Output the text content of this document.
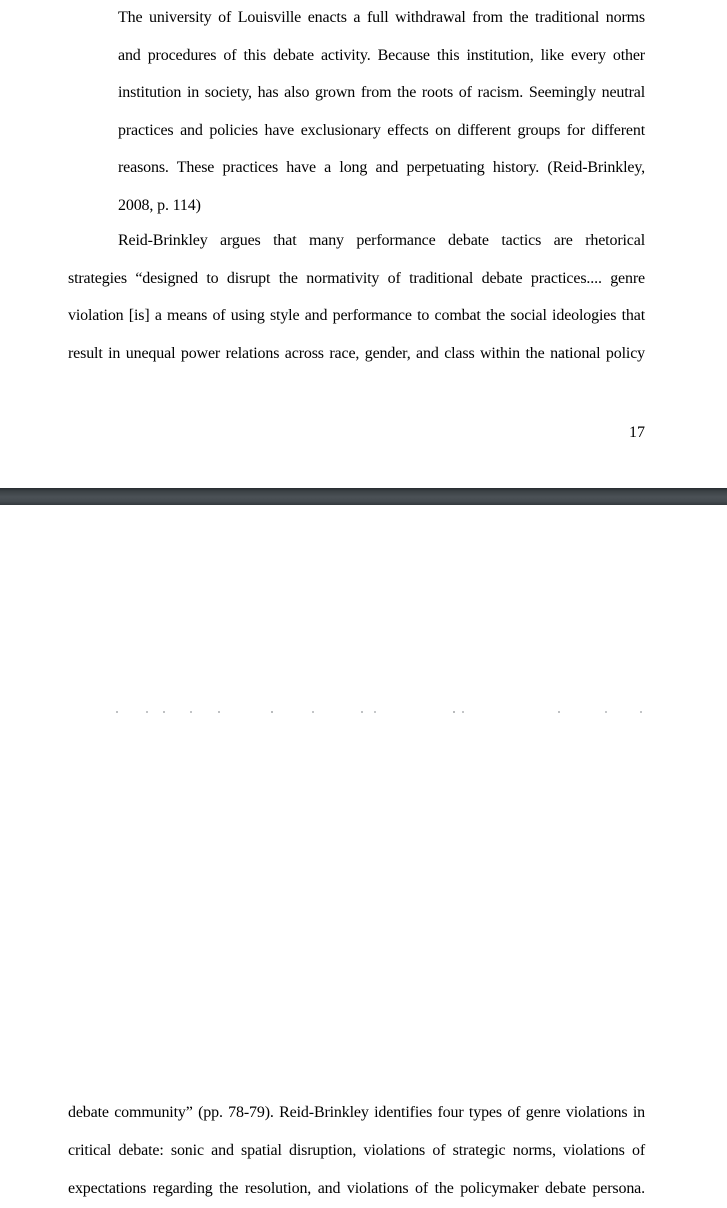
The university of Louisville enacts a full withdrawal from the traditional norms
and procedures of this debate activity. Because this institution, like every other
institution in society, has also grown from the roots of racism. Seemingly neutral
practices and policies have exclusionary effects on different groups for different
reasons. These practices have a long and perpetuating history. (Reid-Brinkley,
2008, p. 114)
Reid-Brinkley argues that many performance debate tactics are rhetorical
strategies “designed to disrupt the normativity of traditional debate practices.... genre
violation [is] a means of using style and performance to combat the social ideologies that
result in unequal power relations across race, gender, and class within the national policy
17
debate community” (pp. 78-79). Reid-Brinkley identifies four types of genre violations in
critical debate: sonic and spatial disruption, violations of strategic norms, violations of
expectations regarding the resolution, and violations of the policymaker debate persona.
